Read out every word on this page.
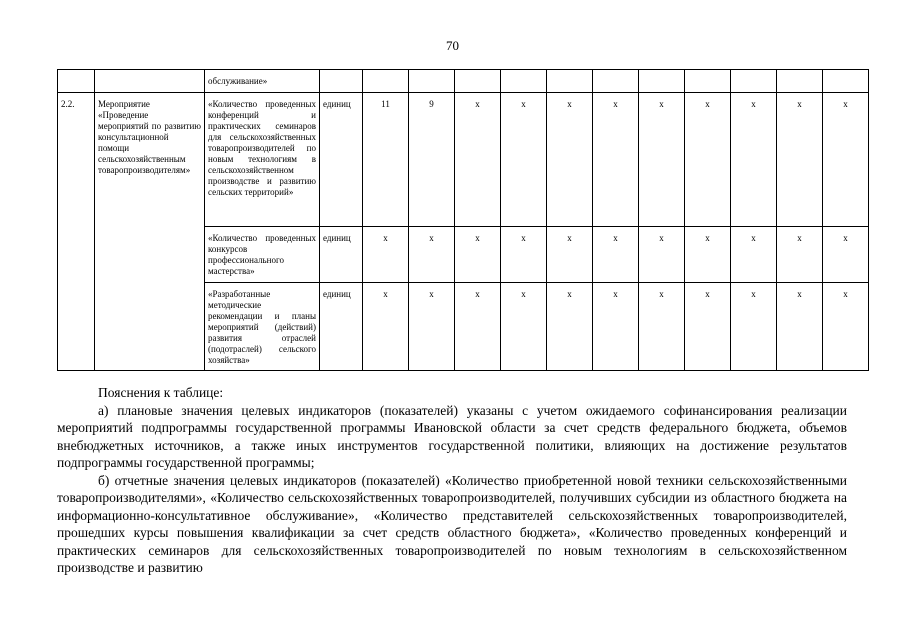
70
		обслуживание»												
2.2.	Мероприятие «Проведение мероприятий по развитию консультационной помощи сельскохозяйственным товаропроизводителям»	«Количество проведенных конференций и практических семинаров для сельскохозяйственных товаропроизводителей по новым технологиям в сельскохозяйственном производстве и развитию сельских территорий»	единиц	11	9	x	x	x	x	x	x	x	x	x
		«Количество проведенных конкурсов профессионального мастерства»	единиц	x	x	x	x	x	x	x	x	x	x	x
		«Разработанные методические рекомендации и планы мероприятий (действий) развития отраслей (подотраслей) сельского хозяйства»	единиц	x	x	x	x	x	x	x	x	x	x	x

Пояснения к таблице:

а) плановые значения целевых индикаторов (показателей) указаны с учетом ожидаемого софинансирования реализации мероприятий подпрограммы государственной программы Ивановской области за счет средств федерального бюджета, объемов внебюджетных источников, а также иных инструментов государственной политики, влияющих на достижение результатов подпрограммы государственной программы;

б) отчетные значения целевых индикаторов (показателей) «Количество приобретенной новой техники сельскохозяйственными товаропроизводителями», «Количество сельскохозяйственных товаропроизводителей, получивших субсидии из областного бюджета на информационно-консультативное обслуживание», «Количество представителей сельскохозяйственных товаропроизводителей, прошедших курсы повышения квалификации за счет средств областного бюджета», «Количество проведенных конференций и практических семинаров для сельскохозяйственных товаропроизводителей по новым технологиям в сельскохозяйственном производстве и развитию
